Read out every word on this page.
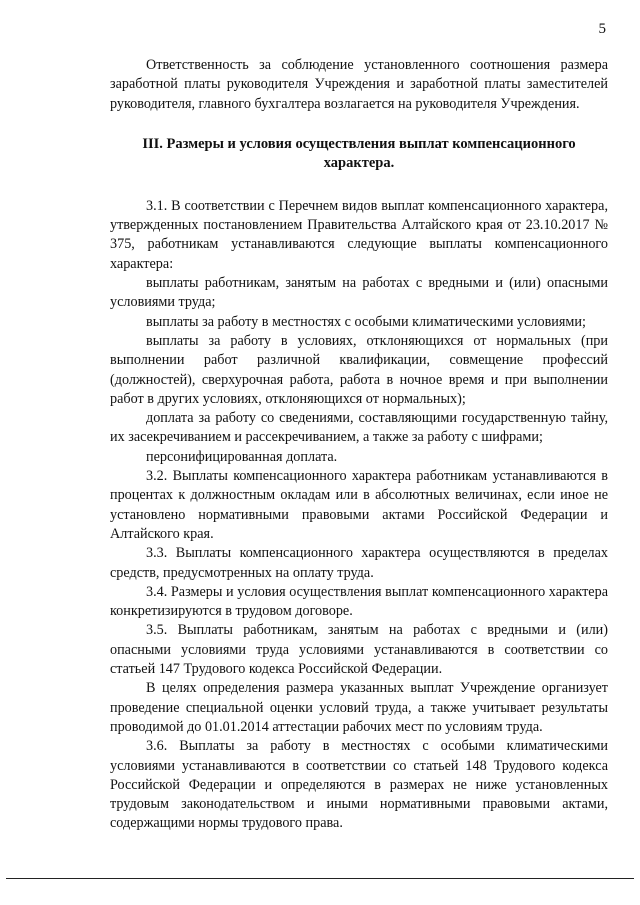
5

Ответственность за соблюдение установленного соотношения размера заработной платы руководителя Учреждения и заработной платы заместителей руководителя, главного бухгалтера возлагается на руководителя Учреждения.

III. Размеры и условия осуществления выплат компенсационного характера.

3.1. В соответствии с Перечнем видов выплат компенсационного характера, утвержденных постановлением Правительства Алтайского края от 23.10.2017 № 375, работникам устанавливаются следующие выплаты компенсационного характера:

выплаты работникам, занятым на работах с вредными и (или) опасными условиями труда;

выплаты за работу в местностях с особыми климатическими условиями;

выплаты за работу в условиях, отклоняющихся от нормальных (при выполнении работ различной квалификации, совмещение профессий (должностей), сверхурочная работа, работа в ночное время и при выполнении работ в других условиях, отклоняющихся от нормальных);

доплата за работу со сведениями, составляющими государственную тайну, их засекречиванием и рассекречиванием, а также за работу с шифрами;

персонифицированная доплата.

3.2. Выплаты компенсационного характера работникам устанавливаются в процентах к должностным окладам или в абсолютных величинах, если иное не установлено нормативными правовыми актами Российской Федерации и Алтайского края.

3.3. Выплаты компенсационного характера осуществляются в пределах средств, предусмотренных на оплату труда.

3.4. Размеры и условия осуществления выплат компенсационного характера конкретизируются в трудовом договоре.

3.5. Выплаты работникам, занятым на работах с вредными и (или) опасными условиями труда условиями устанавливаются в соответствии со статьей 147 Трудового кодекса Российской Федерации.

В целях определения размера указанных выплат Учреждение организует проведение специальной оценки условий труда, а также учитывает результаты проводимой до 01.01.2014 аттестации рабочих мест по условиям труда.

3.6. Выплаты за работу в местностях с особыми климатическими условиями устанавливаются в соответствии со статьей 148 Трудового кодекса Российской Федерации и определяются в размерах не ниже установленных трудовым законодательством и иными нормативными правовыми актами, содержащими нормы трудового права.
